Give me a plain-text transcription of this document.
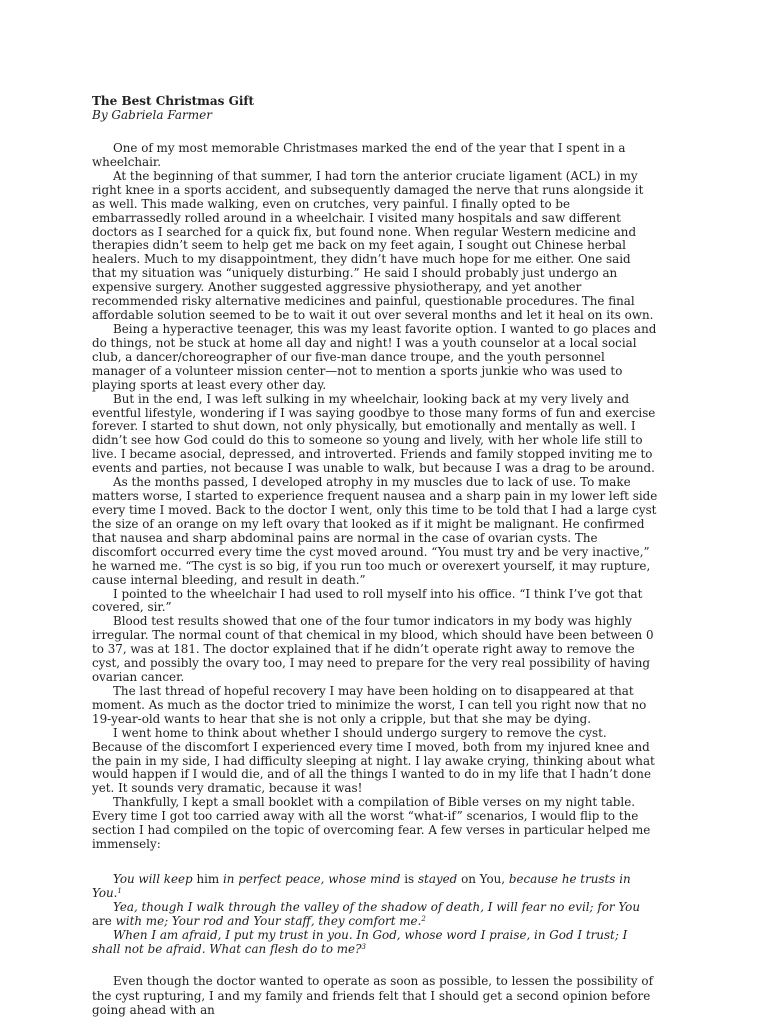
The Best Christmas Gift

By Gabriela Farmer

One of my most memorable Christmases marked the end of the year that I spent in a wheelchair.

At the beginning of that summer, I had torn the anterior cruciate ligament (ACL) in my right knee in a sports accident, and subsequently damaged the nerve that runs alongside it as well. This made walking, even on crutches, very painful. I finally opted to be embarrassedly rolled around in a wheelchair. I visited many hospitals and saw different doctors as I searched for a quick fix, but found none. When regular Western medicine and therapies didn’t seem to help get me back on my feet again, I sought out Chinese herbal healers. Much to my disappointment, they didn’t have much hope for me either. One said that my situation was “uniquely disturbing.” He said I should probably just undergo an expensive surgery. Another suggested aggressive physiotherapy, and yet another recommended risky alternative medicines and painful, questionable procedures. The final affordable solution seemed to be to wait it out over several months and let it heal on its own.

Being a hyperactive teenager, this was my least favorite option. I wanted to go places and do things, not be stuck at home all day and night! I was a youth counselor at a local social club, a dancer/choreographer of our five-man dance troupe, and the youth personnel manager of a volunteer mission center—not to mention a sports junkie who was used to playing sports at least every other day.

But in the end, I was left sulking in my wheelchair, looking back at my very lively and eventful lifestyle, wondering if I was saying goodbye to those many forms of fun and exercise forever. I started to shut down, not only physically, but emotionally and mentally as well. I didn’t see how God could do this to someone so young and lively, with her whole life still to live. I became asocial, depressed, and introverted. Friends and family stopped inviting me to events and parties, not because I was unable to walk, but because I was a drag to be around.

As the months passed, I developed atrophy in my muscles due to lack of use. To make matters worse, I started to experience frequent nausea and a sharp pain in my lower left side every time I moved. Back to the doctor I went, only this time to be told that I had a large cyst the size of an orange on my left ovary that looked as if it might be malignant. He confirmed that nausea and sharp abdominal pains are normal in the case of ovarian cysts. The discomfort occurred every time the cyst moved around. “You must try and be very inactive,” he warned me. “The cyst is so big, if you run too much or overexert yourself, it may rupture, cause internal bleeding, and result in death.”

I pointed to the wheelchair I had used to roll myself into his office. “I think I’ve got that covered, sir.”

Blood test results showed that one of the four tumor indicators in my body was highly irregular. The normal count of that chemical in my blood, which should have been between 0 to 37, was at 181. The doctor explained that if he didn’t operate right away to remove the cyst, and possibly the ovary too, I may need to prepare for the very real possibility of having ovarian cancer.

The last thread of hopeful recovery I may have been holding on to disappeared at that moment. As much as the doctor tried to minimize the worst, I can tell you right now that no 19-year-old wants to hear that she is not only a cripple, but that she may be dying.

I went home to think about whether I should undergo surgery to remove the cyst. Because of the discomfort I experienced every time I moved, both from my injured knee and the pain in my side, I had difficulty sleeping at night. I lay awake crying, thinking about what would happen if I would die, and of all the things I wanted to do in my life that I hadn’t done yet. It sounds very dramatic, because it was!

Thankfully, I kept a small booklet with a compilation of Bible verses on my night table. Every time I got too carried away with all the worst “what-if” scenarios, I would flip to the section I had compiled on the topic of overcoming fear. A few verses in particular helped me immensely:

You will keep him in perfect peace, whose mind is stayed on You, because he trusts in You.$^1$

Yea, though I walk through the valley of the shadow of death, I will fear no evil; for You are with me; Your rod and Your staff, they comfort me.$^2$

When I am afraid, I put my trust in you. In God, whose word I praise, in God I trust; I shall not be afraid. What can flesh do to me?$^3$

Even though the doctor wanted to operate as soon as possible, to lessen the possibility of the cyst rupturing, I and my family and friends felt that I should get a second opinion before going ahead with an
